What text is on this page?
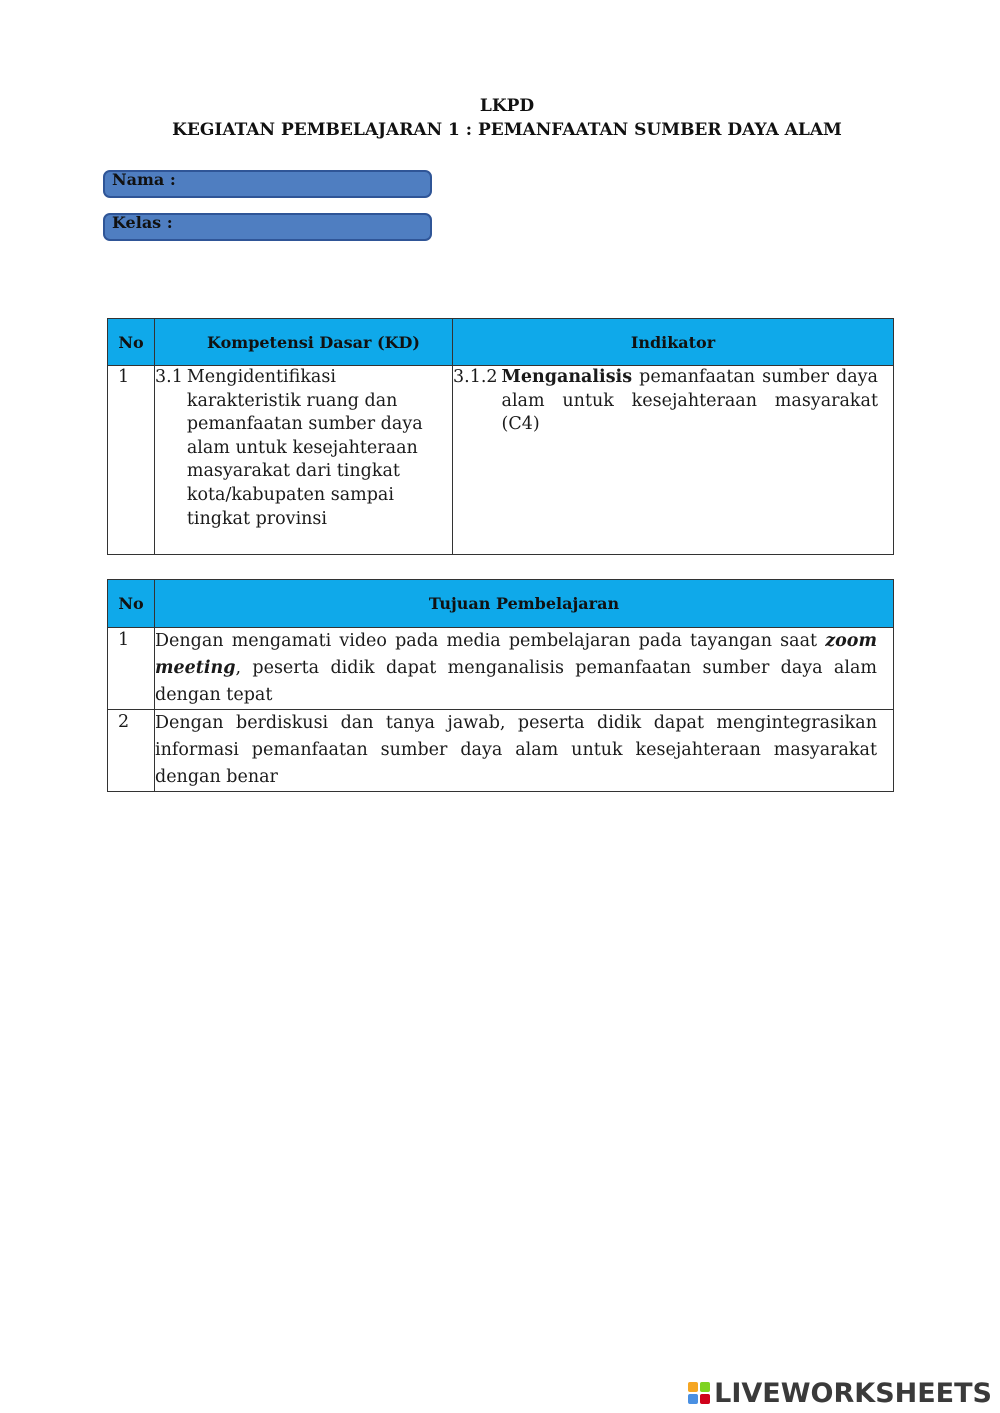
LKPD
KEGIATAN PEMBELAJARAN 1 : PEMANFAATAN SUMBER DAYA ALAM
Nama :
Kelas :
No	Kompetensi Dasar (KD)	Indikator
1	3.1 Mengidentifikasi karakteristik ruang dan pemanfaatan sumber daya alam untuk kesejahteraan masyarakat dari tingkat kota/kabupaten sampai tingkat provinsi	3.1.2 Menganalisis pemanfaatan sumber daya alam untuk kesejahteraan masyarakat (C4)
No	Tujuan Pembelajaran
1	Dengan mengamati video pada media pembelajaran pada tayangan saat zoom meeting, peserta didik dapat menganalisis pemanfaatan sumber daya alam dengan tepat
2	Dengan berdiskusi dan tanya jawab, peserta didik dapat mengintegrasikan informasi pemanfaatan sumber daya alam untuk kesejahteraan masyarakat dengan benar
LIVEWORKSHEETS
